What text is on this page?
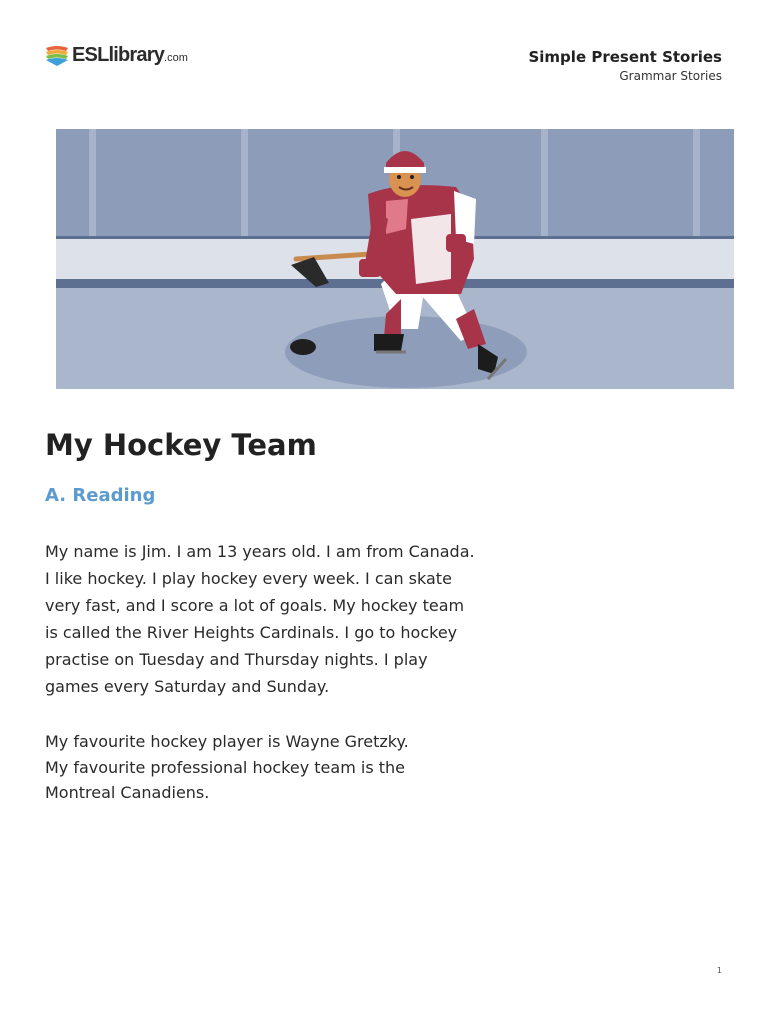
ESLlibrary.com	Simple Present Stories
Grammar Stories
My Hockey Team
A. Reading

My name is Jim. I am 13 years old. I am from Canada. I like hockey. I play hockey every week. I can skate very fast, and I score a lot of goals. My hockey team is called the River Heights Cardinals. I go to hockey practise on Tuesday and Thursday nights. I play games every Saturday and Sunday.

My favourite hockey player is Wayne Gretzky.
My favourite professional hockey team is the Montreal Canadiens.
1
